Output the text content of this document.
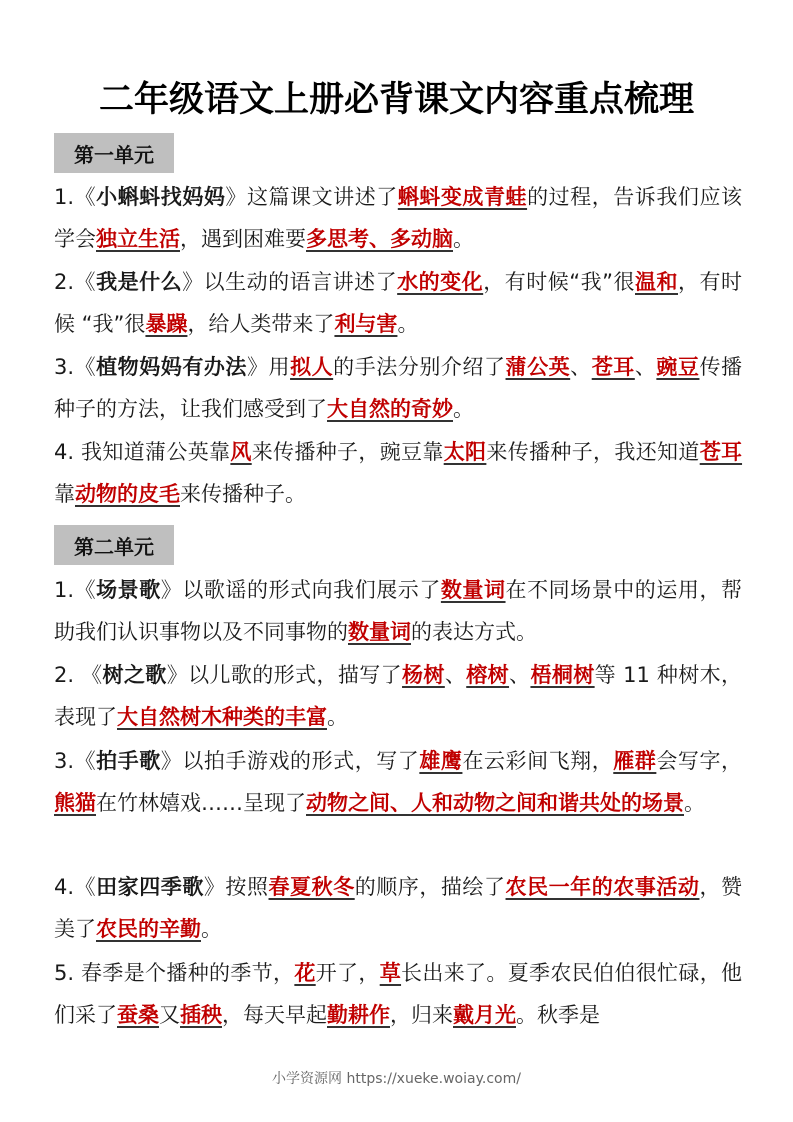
二年级语文上册必背课文内容重点梳理
第一单元
1.《小蝌蚪找妈妈》这篇课文讲述了蝌蚪变成青蛙的过程，告诉我们应该学会独立生活，遇到困难要多思考、多动脑。
2.《我是什么》以生动的语言讲述了水的变化，有时候“我”很温和，有时候 “我”很暴躁，给人类带来了利与害。
3.《植物妈妈有办法》用拟人的手法分别介绍了蒲公英、苍耳、豌豆传播种子的方法，让我们感受到了大自然的奇妙。
4. 我知道蒲公英靠风来传播种子，豌豆靠太阳来传播种子，我还知道苍耳靠动物的皮毛来传播种子。
第二单元
1.《场景歌》以歌谣的形式向我们展示了数量词在不同场景中的运用，帮助我们认识事物以及不同事物的数量词的表达方式。
2. 《树之歌》以儿歌的形式，描写了杨树、榕树、梧桐树等 11 种树木，表现了大自然树木种类的丰富。
3.《拍手歌》以拍手游戏的形式，写了雄鹰在云彩间飞翔，雁群会写字，熊猫在竹林嬉戏……呈现了动物之间、人和动物之间和谐共处的场景。
4.《田家四季歌》按照春夏秋冬的顺序，描绘了农民一年的农事活动，赞美了农民的辛勤。
5. 春季是个播种的季节，花开了，草长出来了。夏季农民伯伯很忙碌，他们采了蚕桑又插秧，每天早起勤耕作，归来戴月光。秋季是
小学资源网 https://xueke.woiay.com/
